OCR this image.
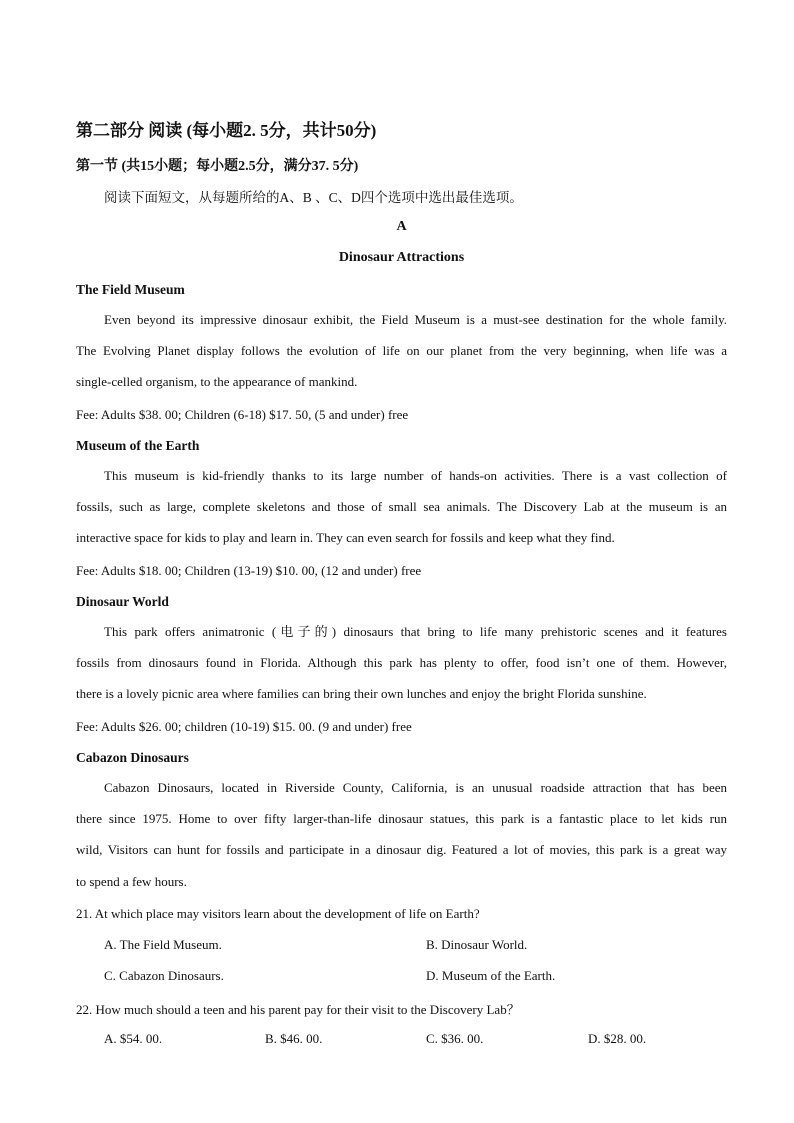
第二部分 阅读 (每小题2. 5分，共计50分)
第一节 (共15小题；每小题2.5分，满分37. 5分)
阅读下面短文，从每题所给的A、B 、C、D四个选项中选出最佳选项。
A
Dinosaur Attractions
The Field Museum
Even beyond its impressive dinosaur exhibit, the Field Museum is a must-see destination for the whole family.
The Evolving Planet display follows the evolution of life on our planet from the very beginning, when life was a
single-celled organism, to the appearance of mankind.
Fee: Adults $38. 00; Children (6-18) $17. 50, (5 and under) free
Museum of the Earth
This museum is kid-friendly thanks to its large number of hands-on activities. There is a vast collection of
fossils, such as large, complete skeletons and those of small sea animals. The Discovery Lab at the museum is an
interactive space for kids to play and learn in. They can even search for fossils and keep what they find.
Fee: Adults $18. 00; Children (13-19) $10. 00, (12 and under) free
Dinosaur World
This park offers animatronic (电子的) dinosaurs that bring to life many prehistoric scenes and it features
fossils from dinosaurs found in Florida. Although this park has plenty to offer, food isn’t one of them. However,
there is a lovely picnic area where families can bring their own lunches and enjoy the bright Florida sunshine.
Fee: Adults $26. 00; children (10-19) $15. 00. (9 and under) free
Cabazon Dinosaurs
Cabazon Dinosaurs, located in Riverside County, California, is an unusual roadside attraction that has been
there since 1975. Home to over fifty larger-than-life dinosaur statues, this park is a fantastic place to let kids run
wild, Visitors can hunt for fossils and participate in a dinosaur dig. Featured a lot of movies, this park is a great way
to spend a few hours.
21. At which place may visitors learn about the development of life on Earth?
A. The Field Museum.	B. Dinosaur World.
C. Cabazon Dinosaurs.	D. Museum of the Earth.
22. How much should a teen and his parent pay for their visit to the Discovery Lab？
A. $54. 00.	B. $46. 00.	C. $36. 00.	D. $28. 00.
